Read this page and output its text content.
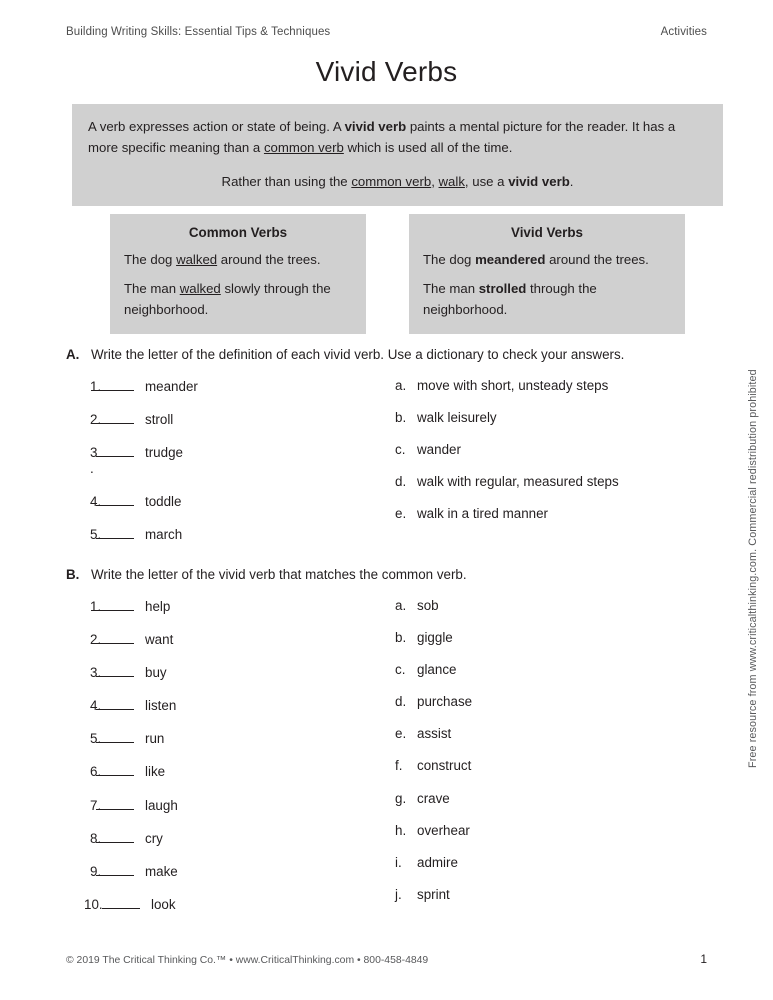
Building Writing Skills: Essential Tips & Techniques	Activities
Vivid Verbs
A verb expresses action or state of being. A vivid verb paints a mental picture for the reader. It has a more specific meaning than a common verb which is used all of the time.
Rather than using the common verb, walk, use a vivid verb.
Common Verbs

The dog walked around the trees.

The man walked slowly through the neighborhood.

Vivid Verbs

The dog meandered around the trees.

The man strolled through the neighborhood.

Free resource from www.criticalthinking.com. Commercial redistribution prohibited
A. Write the letter of the definition of each vivid verb. Use a dictionary to check your answers.
1.	meander
2.	stroll
3 .
trudge
4.	toddle
5.	march
a. move with short, unsteady steps
b. walk leisurely
c. wander
d. walk with regular, measured steps
e. walk in a tired manner
B. Write the letter of the vivid verb that matches the common verb.
1.	help
2.	want
3.	buy
4.	listen
5.	run
6.	like
7.	laugh
8.	cry
9.	make
10.	look
a. sob
b. giggle
c. glance
d. purchase
e. assist
f.	construct
g. crave
h. overhear
i.	admire
j.	sprint
© 2019 The Critical Thinking Co.™ • www.CriticalThinking.com • 800-458-4849	1
